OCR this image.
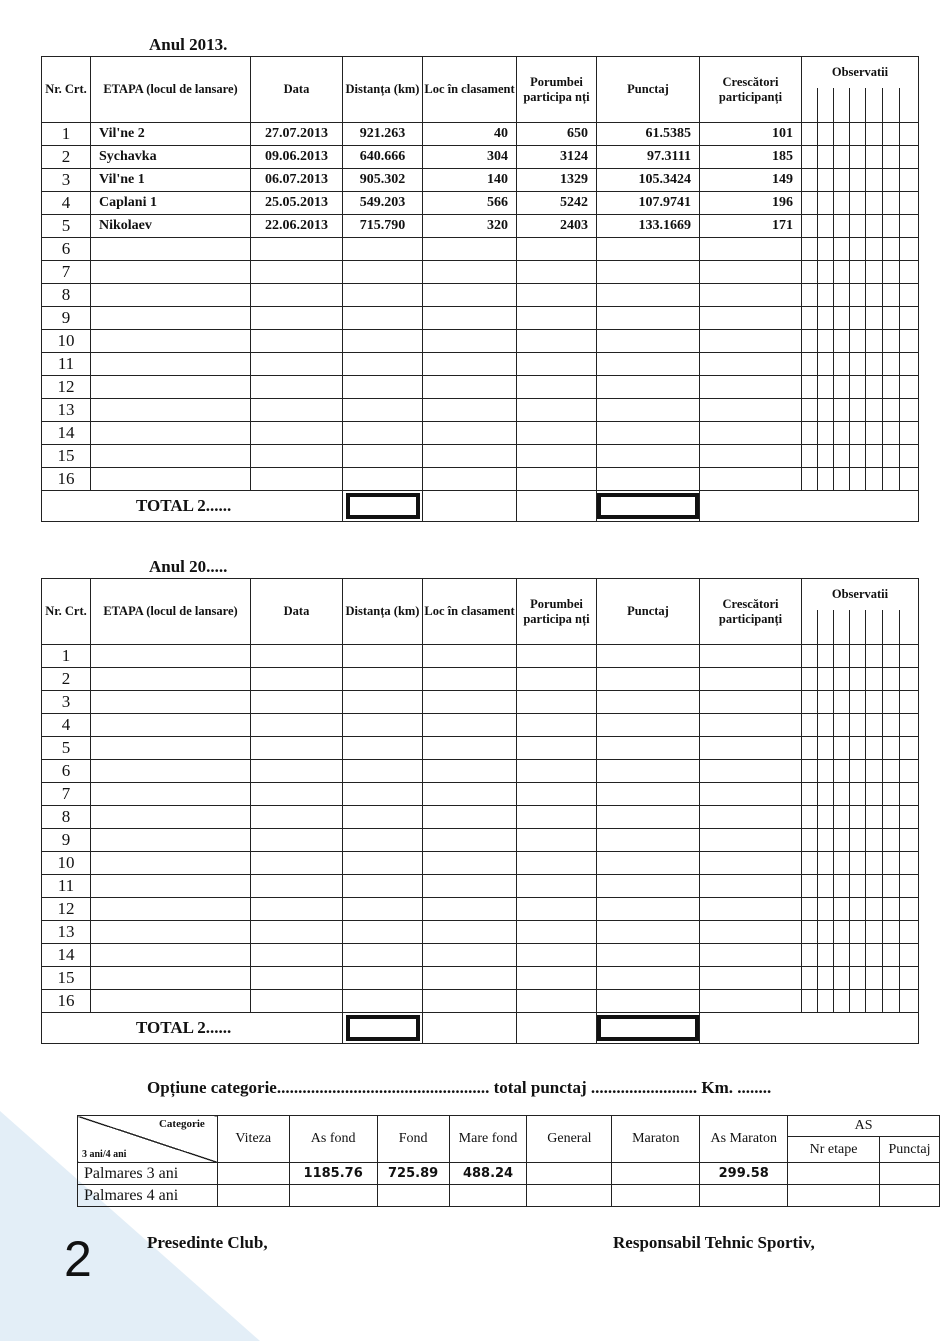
Anul 2013.
Nr. Crt.	ETAPA (locul de lansare)	Data	Distanța (km)	Loc în clasament	Porumbei participa nți	Punctaj	Crescători participanți	Observatii						

1	Vil'ne 2	27.07.2013	921.263	40	650	61.5385	101							
2	Sychavka	09.06.2013	640.666	304	3124	97.3111	185							
3	Vil'ne 1	06.07.2013	905.302	140	1329	105.3424	149							
4	Caplani 1	25.05.2013	549.203	566	5242	107.9741	196							
5	Nikolaev	22.06.2013	715.790	320	2403	133.1669	171							
6														
7														
8														
9														
10														
11														
12														
13														
14														
15														
16														
TOTAL 2......										

Anul 20.....
Nr. Crt.	ETAPA (locul de lansare)	Data	Distanța (km)	Loc în clasament	Porumbei participa nți	Punctaj	Crescători participanți	Observatii						

1														
2														
3														
4														
5														
6														
7														
8														
9														
10														
11														
12														
13														
14														
15														
16														
TOTAL 2......										

Opțiune categorie.................................................. total punctaj ......................... Km. ........
Categorie
3 ani/4 ani	Viteza	As fond	Fond	Mare fond	General	Maraton	As Maraton	AS	
								Nr etape	Punctaj
Palmares 3 ani		1185.76	725.89	488.24			299.58		
Palmares 4 ani									
2	Presedinte Club,	Responsabil Tehnic Sportiv,
